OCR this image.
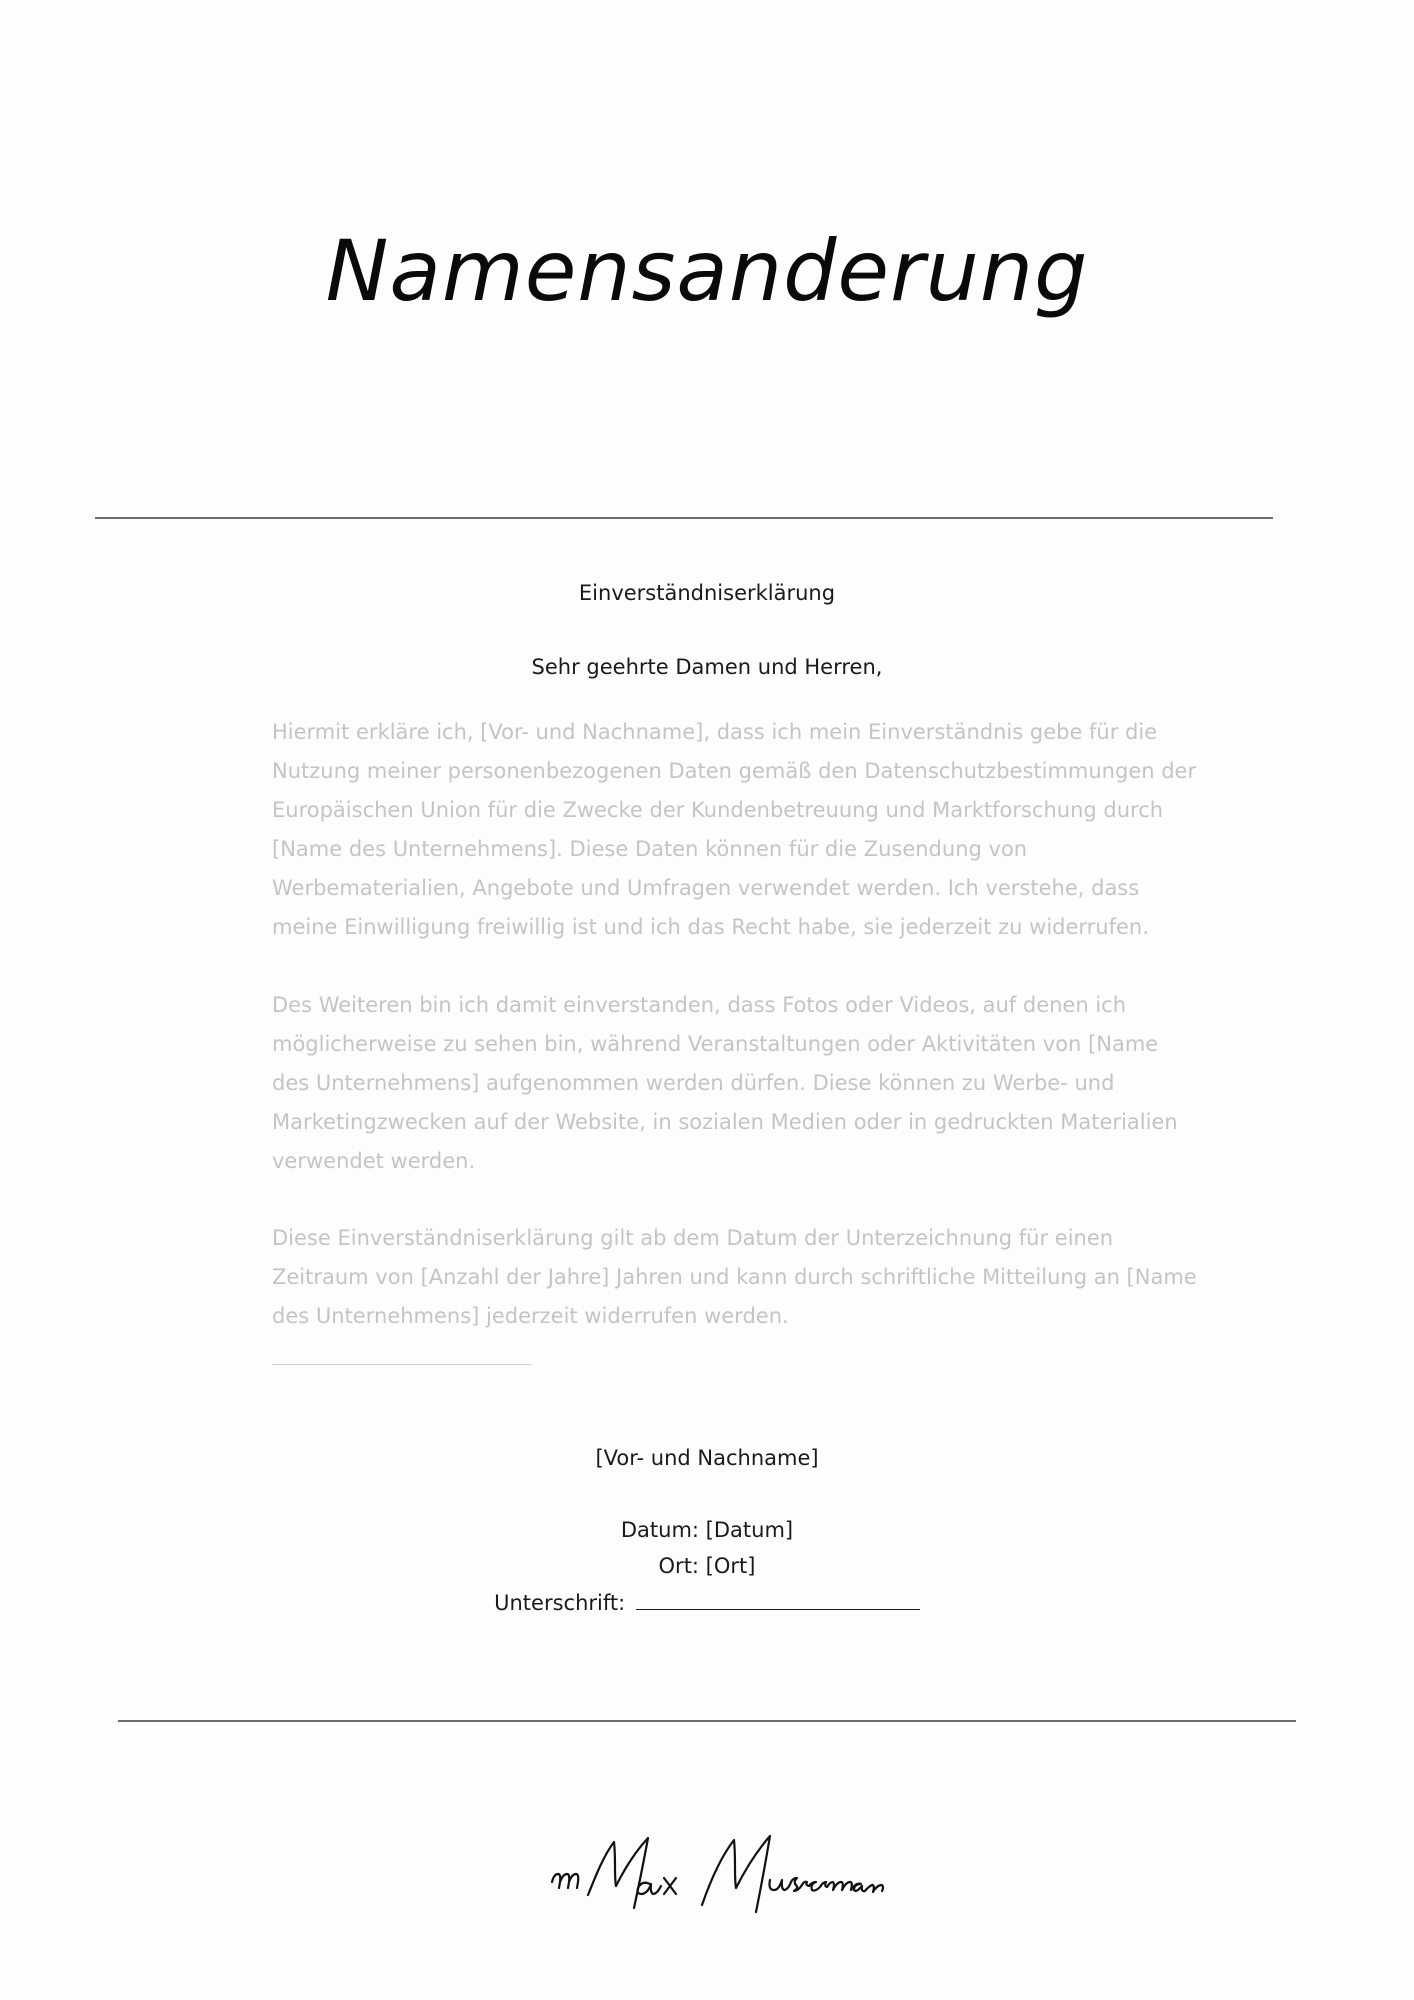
Namensanderung
Einverständniserklärung
Sehr geehrte Damen und Herren,

Hiermit erkläre ich, [Vor- und Nachname], dass ich mein Einverständnis gebe für die Nutzung meiner personenbezogenen Daten gemäß den Datenschutzbestimmungen der Europäischen Union für die Zwecke der Kundenbetreuung und Marktforschung durch [Name des Unternehmens]. Diese Daten können für die Zusendung von Werbematerialien, Angebote und Umfragen verwendet werden. Ich verstehe, dass meine Einwilligung freiwillig ist und ich das Recht habe, sie jederzeit zu widerrufen.

Des Weiteren bin ich damit einverstanden, dass Fotos oder Videos, auf denen ich möglicherweise zu sehen bin, während Veranstaltungen oder Aktivitäten von [Name des Unternehmens] aufgenommen werden dürfen. Diese können zu Werbe- und Marketingzwecken auf der Website, in sozialen Medien oder in gedruckten Materialien verwendet werden.

Diese Einverständniserklärung gilt ab dem Datum der Unterzeichnung für einen Zeitraum von [Anzahl der Jahre] Jahren und kann durch schriftliche Mitteilung an [Name des Unternehmens] jederzeit widerrufen werden.

[Vor- und Nachname]
Datum: [Datum]
Ort: [Ort]
Unterschrift:
